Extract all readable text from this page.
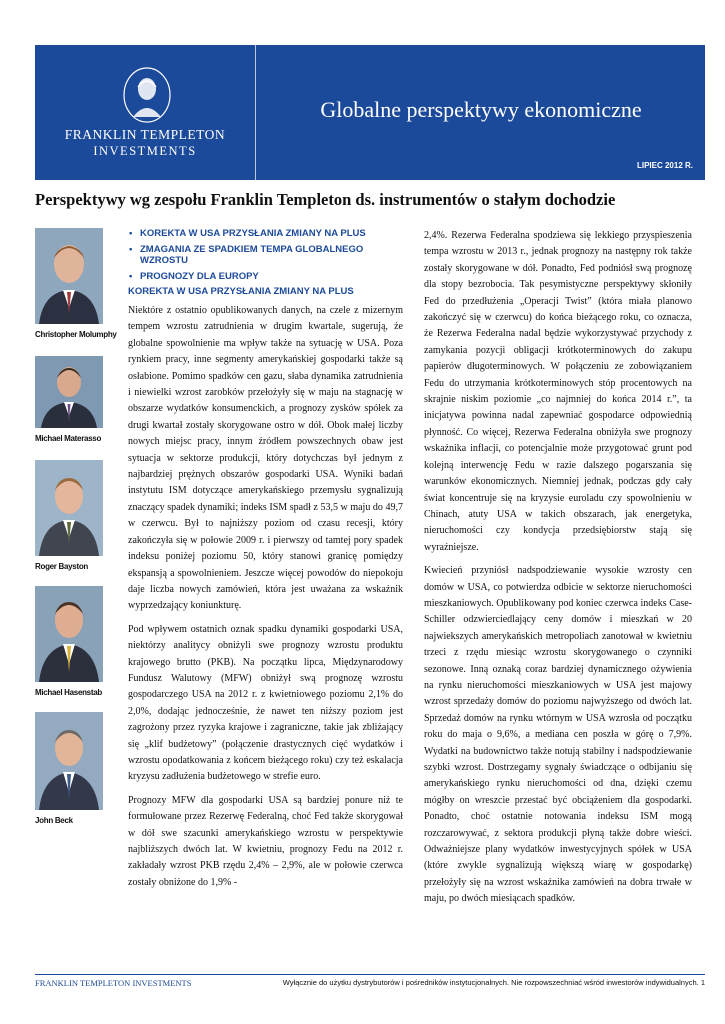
FRANKLIN TEMPLETON
INVESTMENTS
Globalne perspektywy ekonomiczne
LIPIEC 2012 R.
Perspektywy wg zespołu Franklin Templeton ds. instrumentów o stałym dochodzie
Christopher Molumphy
Michael Materasso
Roger Bayston
Michael Hasenstab
John Beck
• KOREKTA W USA PRZYSŁANIA ZMIANY NA PLUS
• ZMAGANIA ZE SPADKIEM TEMPA GLOBALNEGO WZROSTU
• PROGNOZY DLA EUROPY
KOREKTA W USA PRZYSŁANIA ZMIANY NA PLUS

Niektóre z ostatnio opublikowanych danych, na czele z mizernym tempem wzrostu zatrudnienia w drugim kwartale, sugerują, że globalne spowolnienie ma wpływ także na sytuację w USA. Poza rynkiem pracy, inne segmenty amerykańskiej gospodarki także są osłabione. Pomimo spadków cen gazu, słaba dynamika zatrudnienia i niewielki wzrost zarobków przełożyły się w maju na stagnację w obszarze wydatków konsumenckich, a prognozy zysków spółek za drugi kwartał zostały skorygowane ostro w dół. Obok małej liczby nowych miejsc pracy, innym źródłem powszechnych obaw jest sytuacja w sektorze produkcji, który dotychczas był jednym z najbardziej prężnych obszarów gospodarki USA. Wyniki badań instytutu ISM dotyczące amerykańskiego przemysłu sygnalizują znaczący spadek dynamiki; indeks ISM spadł z 53,5 w maju do 49,7 w czerwcu. Był to najniższy poziom od czasu recesji, który zakończyła się w połowie 2009 r. i pierwszy od tamtej pory spadek indeksu poniżej poziomu 50, który stanowi granicę pomiędzy ekspansją a spowolnieniem. Jeszcze więcej powodów do niepokoju daje liczba nowych zamówień, która jest uważana za wskaźnik wyprzedzający koniunkturę.

Pod wpływem ostatnich oznak spadku dynamiki gospodarki USA, niektórzy analitycy obniżyli swe prognozy wzrostu produktu krajowego brutto (PKB). Na początku lipca, Międzynarodowy Fundusz Walutowy (MFW) obniżył swą prognozę wzrostu gospodarczego USA na 2012 r. z kwietniowego poziomu 2,1% do 2,0%, dodając jednocześnie, że nawet ten niższy poziom jest zagrożony przez ryzyka krajowe i zagraniczne, takie jak zbliżający się „klif budżetowy” (połączenie drastycznych cięć wydatków i wzrostu opodatkowania z końcem bieżącego roku) czy też eskalacja kryzysu zadłużenia budżetowego w strefie euro.

Prognozy MFW dla gospodarki USA są bardziej ponure niż te formułowane przez Rezerwę Federalną, choć Fed także skorygował w dół swe szacunki amerykańskiego wzrostu w perspektywie najbliższych dwóch lat. W kwietniu, prognozy Fedu na 2012 r. zakładały wzrost PKB rzędu 2,4% – 2,9%, ale w połowie czerwca zostały obniżone do 1,9% -

2,4%. Rezerwa Federalna spodziewa się lekkiego przyspieszenia tempa wzrostu w 2013 r., jednak prognozy na następny rok także zostały skorygowane w dół. Ponadto, Fed podniósł swą prognozę dla stopy bezrobocia. Tak pesymistyczne perspektywy skłoniły Fed do przedłużenia „Operacji Twist” (która miała planowo zakończyć się w czerwcu) do końca bieżącego roku, co oznacza, że Rezerwa Federalna nadal będzie wykorzystywać przychody z zamykania pozycji obligacji krótkoterminowych do zakupu papierów długoterminowych. W połączeniu ze zobowiązaniem Fedu do utrzymania krótkoterminowych stóp procentowych na skrajnie niskim poziomie „co najmniej do końca 2014 r.”, ta inicjatywa powinna nadal zapewniać gospodarce odpowiednią płynność. Co więcej, Rezerwa Federalna obniżyła swe prognozy wskaźnika inflacji, co potencjalnie może przygotować grunt pod kolejną interwencję Fedu w razie dalszego pogarszania się warunków ekonomicznych. Niemniej jednak, podczas gdy cały świat koncentruje się na kryzysie euroladu czy spowolnieniu w Chinach, atuty USA w takich obszarach, jak energetyka, nieruchomości czy kondycja przedsiębiorstw stają się wyraźniejsze.

Kwiecień przyniósł nadspodziewanie wysokie wzrosty cen domów w USA, co potwierdza odbicie w sektorze nieruchomości mieszkaniowych. Opublikowany pod koniec czerwca indeks Case-Schiller odzwierciedlający ceny domów i mieszkań w 20 najwiekszych amerykańskich metropoliach zanotował w kwietniu trzeci z rzędu miesiąc wzrostu skorygowanego o czynniki sezonowe. Inną oznaką coraz bardziej dynamicznego ożywienia na rynku nieruchomości mieszkaniowych w USA jest majowy wzrost sprzedaży domów do poziomu najwyższego od dwóch lat. Sprzedaż domów na rynku wtórnym w USA wzrosła od początku roku do maja o 9,6%, a mediana cen poszła w górę o 7,9%. Wydatki na budownictwo także notują stabilny i nadspodziewanie szybki wzrost. Dostrzegamy sygnały świadczące o odbijaniu się amerykańskiego rynku nieruchomości od dna, dzięki czemu mógłby on wreszcie przestać być obciążeniem dla gospodarki. Ponadto, choć ostatnie notowania indeksu ISM mogą rozczarowywać, z sektora produkcji płyną także dobre wieści. Odważniejsze plany wydatków inwestycyjnych spółek w USA (które zwykle sygnalizują większą wiarę w gospodarkę) przełożyły się na wzrost wskaźnika zamówień na dobra trwałe w maju, po dwóch miesiącach spadków.

FRANKLIN TEMPLETON INVESTMENTS	Wyłącznie do użytku dystrybutorów i pośredników instytucjonalnych. Nie rozpowszechniać wśród inwestorów indywidualnych. 1
